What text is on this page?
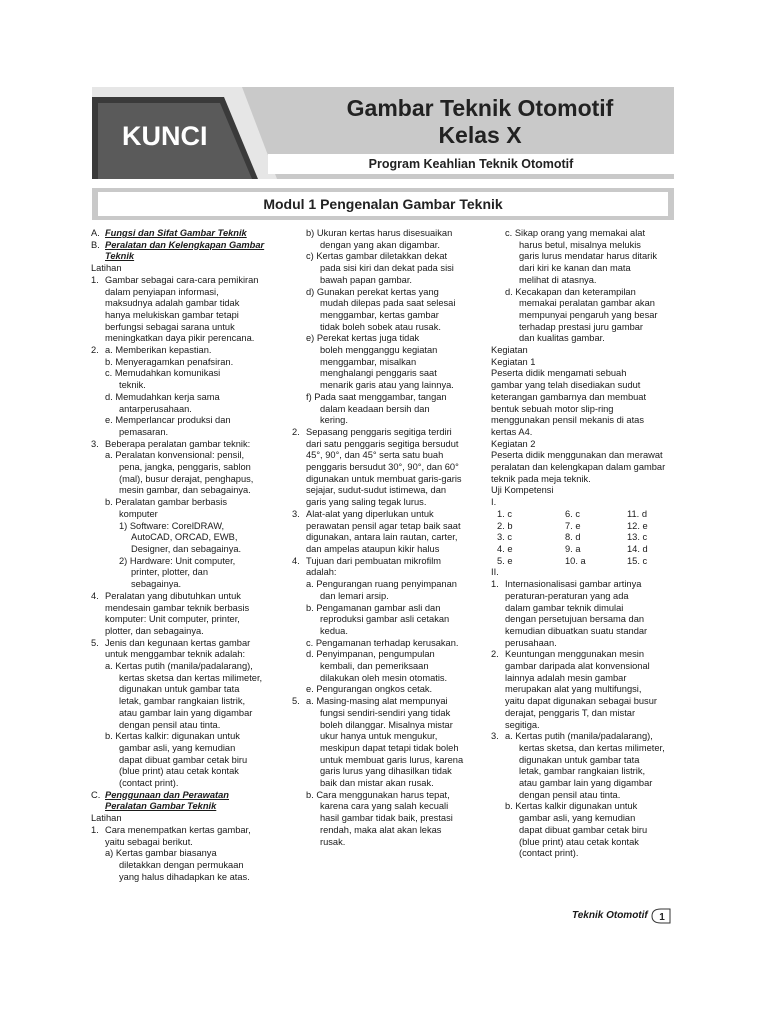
KUNCI
Gambar Teknik Otomotif
Kelas X
Program Keahlian Teknik Otomotif
Modul 1 Pengenalan Gambar Teknik
A. Fungsi dan Sifat Gambar Teknik
B. Peralatan dan Kelengkapan Gambar
Teknik
Latihan
1. Gambar sebagai cara-cara pemikiran
dalam penyiapan informasi,
maksudnya adalah gambar tidak
hanya melukiskan gambar tetapi
berfungsi sebagai sarana untuk
meningkatkan daya pikir perencana.
2. a. Memberikan kepastian.
b. Menyeragamkan penafsiran.
c. Memudahkan komunikasi
teknik.
d. Memudahkan kerja sama
antarperusahaan.
e. Memperlancar produksi dan
pemasaran.
3. Beberapa peralatan gambar teknik:
a. Peralatan konvensional: pensil,
pena, jangka, penggaris, sablon
(mal), busur derajat, penghapus,
mesin gambar, dan sebagainya.
b. Peralatan gambar berbasis
komputer
1) Software: CorelDRAW,
AutoCAD, ORCAD, EWB,
Designer, dan sebagainya.
2) Hardware: Unit computer,
printer, plotter, dan
sebagainya.
4. Peralatan yang dibutuhkan untuk
mendesain gambar teknik berbasis
komputer: Unit computer, printer,
plotter, dan sebagainya.
5. Jenis dan kegunaan kertas gambar
untuk menggambar teknik adalah:
a. Kertas putih (manila/padalarang),
kertas sketsa dan kertas milimeter,
digunakan untuk gambar tata
letak, gambar rangkaian listrik,
atau gambar lain yang digambar
dengan pensil atau tinta.
b. Kertas kalkir: digunakan untuk
gambar asli, yang kemudian
dapat dibuat gambar cetak biru
(blue print) atau cetak kontak
(contact print).
C. Penggunaan dan Perawatan
Peralatan Gambar Teknik
Latihan
1. Cara menempatkan kertas gambar,
yaitu sebagai berikut.
a) Kertas gambar biasanya
diletakkan dengan permukaan
yang halus dihadapkan ke atas.
b) Ukuran kertas harus disesuaikan
dengan yang akan digambar.
c) Kertas gambar diletakkan dekat
pada sisi kiri dan dekat pada sisi
bawah papan gambar.
d) Gunakan perekat kertas yang
mudah dilepas pada saat selesai
menggambar, kertas gambar
tidak boleh sobek atau rusak.
e) Perekat kertas juga tidak
boleh mengganggu kegiatan
menggambar, misalkan
menghalangi penggaris saat
menarik garis atau yang lainnya.
f) Pada saat menggambar, tangan
dalam keadaan bersih dan
kering.
2. Sepasang penggaris segitiga terdiri
dari satu penggaris segitiga bersudut
45°, 90°, dan 45° serta satu buah
penggaris bersudut 30°, 90°, dan 60°
digunakan untuk membuat garis-garis
sejajar, sudut-sudut istimewa, dan
garis yang saling tegak lurus.
3. Alat-alat yang diperlukan untuk
perawatan pensil agar tetap baik saat
digunakan, antara lain rautan, carter,
dan ampelas ataupun kikir halus
4. Tujuan dari pembuatan mikrofilm
adalah:
a. Pengurangan ruang penyimpanan
dan lemari arsip.
b. Pengamanan gambar asli dan
reproduksi gambar asli cetakan
kedua.
c. Pengamanan terhadap kerusakan.
d. Penyimpanan, pengumpulan
kembali, dan pemeriksaan
dilakukan oleh mesin otomatis.
e. Pengurangan ongkos cetak.
5. a. Masing-masing alat mempunyai
fungsi sendiri-sendiri yang tidak
boleh dilanggar. Misalnya mistar
ukur hanya untuk mengukur,
meskipun dapat tetapi tidak boleh
untuk membuat garis lurus, karena
garis lurus yang dihasilkan tidak
baik dan mistar akan rusak.
b. Cara menggunakan harus tepat,
karena cara yang salah kecuali
hasil gambar tidak baik, prestasi
rendah, maka alat akan lekas
rusak.
c. Sikap orang yang memakai alat
harus betul, misalnya melukis
garis lurus mendatar harus ditarik
dari kiri ke kanan dan mata
melihat di atasnya.
d. Kecakapan dan keterampilan
memakai peralatan gambar akan
mempunyai pengaruh yang besar
terhadap prestasi juru gambar
dan kualitas gambar.
Kegiatan
Kegiatan 1
Peserta didik mengamati sebuah
gambar yang telah disediakan sudut
keterangan gambarnya dan membuat
bentuk sebuah motor slip-ring
menggunakan pensil mekanis di atas
kertas A4.
Kegiatan 2
Peserta didik menggunakan dan merawat
peralatan dan kelengkapan dalam gambar
teknik pada meja teknik.
Uji Kompetensi
I.
1. c	6. c	11. d
2. b	7. e	12. e
3. c	8. d	13. c
4. e	9. a	14. d
5. e	10. a	15. c
II.
1. Internasionalisasi gambar artinya
peraturan-peraturan yang ada
dalam gambar teknik dimulai
dengan persetujuan bersama dan
kemudian dibuatkan suatu standar
perusahaan.
2. Keuntungan menggunakan mesin
gambar daripada alat konvensional
lainnya adalah mesin gambar
merupakan alat yang multifungsi,
yaitu dapat digunakan sebagai busur
derajat, penggaris T, dan mistar
segitiga.
3. a. Kertas putih (manila/padalarang),
kertas sketsa, dan kertas milimeter,
digunakan untuk gambar tata
letak, gambar rangkaian listrik,
atau gambar lain yang digambar
dengan pensil atau tinta.
b. Kertas kalkir digunakan untuk
gambar asli, yang kemudian
dapat dibuat gambar cetak biru
(blue print) atau cetak kontak
(contact print).
Teknik Otomotif 1
